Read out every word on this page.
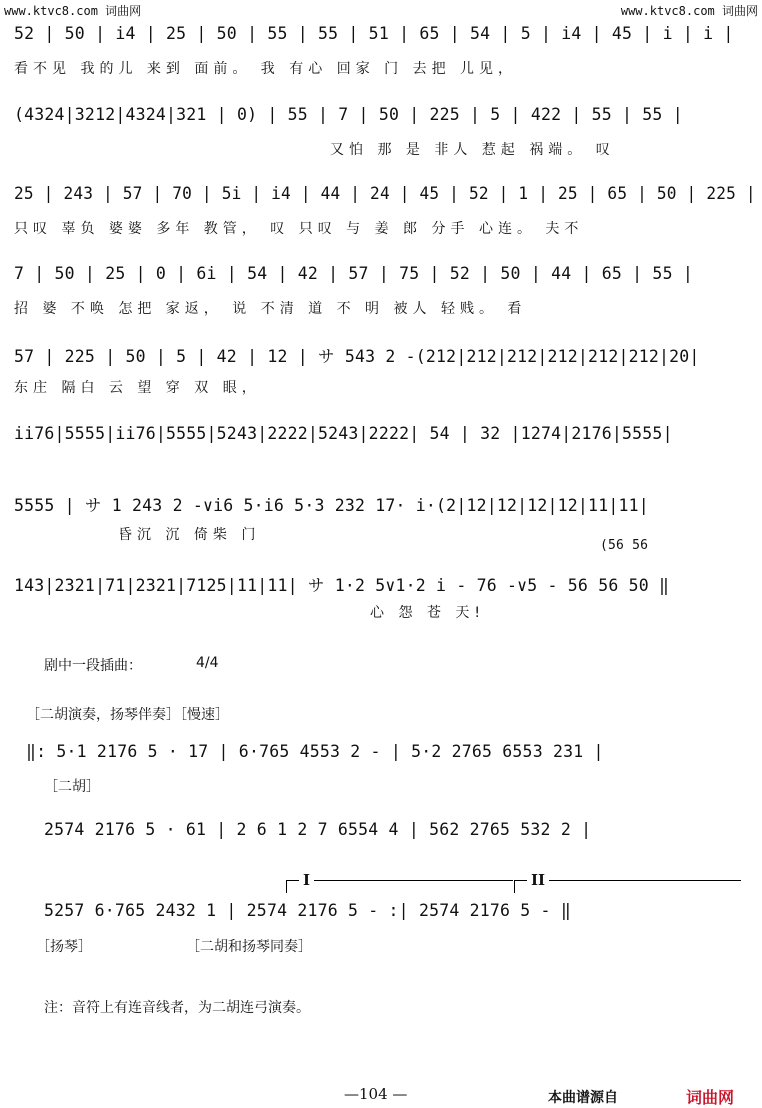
www.ktvc8.com 词曲网	www.ktvc8.com 词曲网
52 | 50 | i4 | 25 | 50 | 55 | 55 | 51 | 65 | 54 | 5 | i4 | 45 | i | i |
看不见 我的儿 来到 面前。 我 有心 回家 门 去把 儿见，
(4324|3212|4324|321 | 0) | 55 | 7 | 50 | 225 | 5 | 422 | 55 | 55 |
又怕 那 是 非人 惹起 祸端。 叹
25 | 243 | 57 | 70 | 5i | i4 | 44 | 24 | 45 | 52 | 1 | 25 | 65 | 50 | 225 |
只叹 辜负 婆婆 多年 教管， 叹 只叹 与 姜 郎 分手 心连。 夫不
7 | 50 | 25 | 0 | 6i | 54 | 42 | 57 | 75 | 52 | 50 | 44 | 65 | 55 |
招 婆 不唤 怎把 家返， 说 不清 道 不 明 被人 轻贱。 看
57 | 225 | 50 | 5 | 42 | 12 | サ 543 2 -(212|212|212|212|212|212|20|
东庄 隔白 云 望 穿 双 眼，
ii76|5555|ii76|5555|5243|2222|5243|2222| 54 | 32 |1274|2176|5555|
5555 | サ 1 243 2 -∨i6 5·i6 5·3 232 17· i·(2|12|12|12|12|11|11|
昏沉 沉 倚柴 门
(56 56
143|2321|71|2321|7125|11|11| サ 1·2 5∨1·2 i - 76 -∨5 - 56 56 50 ‖
心 怨 苍 天!
剧中一段插曲：	4/4
［二胡演奏，扬琴伴奏］［慢速］
‖: 5·1 2176 5 · 17 | 6·765 4553 2 - | 5·2 2765 6553 231 |
［二胡］
2574 2176 5 · 61 | 2 6 1 2 7 6554 4 | 562 2765 532 2 |
I	II
5257 6·765 2432 1 | 2574 2176 5 - :| 2574 2176 5 - ‖
［扬琴］	［二胡和扬琴同奏］
注：音符上有连音线者，为二胡连弓演奏。
—104 —	本曲谱源自	词曲网
